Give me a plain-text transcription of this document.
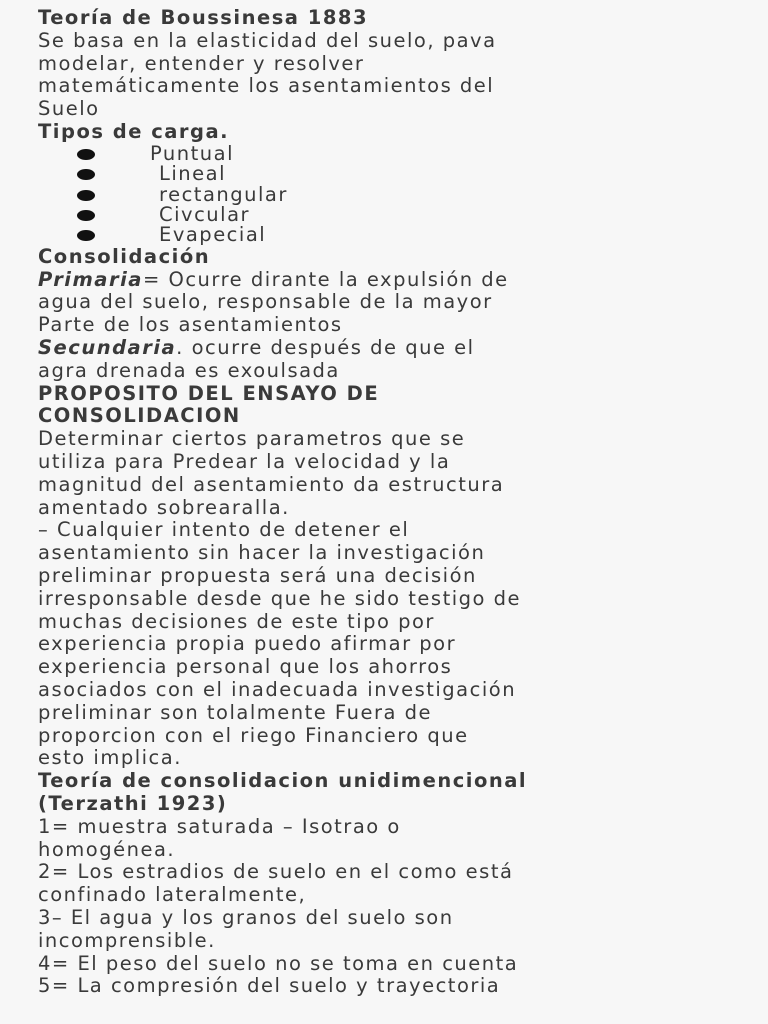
Teoría de Boussinesa 1883

Se basa en la elasticidad del suelo, pava

modelar, entender y resolver

matemáticamente los asentamientos del

Suelo

Tipos de carga.

Puntual
Lineal
rectangular
Civcular
Evapecial

Consolidación

Primaria= Ocurre dirante la expulsión de

agua del suelo, responsable de la mayor

Parte de los asentamientos

Secundaria. ocurre después de que el

agra drenada es exoulsada

PROPOSITO DEL ENSAYO DE

CONSOLIDACION

Determinar ciertos parametros que se

utiliza para Predear la velocidad y la

magnitud del asentamiento da estructura

amentado sobrearalla.

– Cualquier intento de detener el

asentamiento sin hacer la investigación

preliminar propuesta será una decisión

irresponsable desde que he sido testigo de

muchas decisiones de este tipo por

experiencia propia puedo afirmar por

experiencia personal que los ahorros

asociados con el inadecuada investigación

preliminar son tolalmente Fuera de

proporcion con el riego Financiero que

esto implica.

Teoría de consolidacion unidimencional

(Terzathi 1923)

1= muestra saturada – Isotrao o

homogénea.

2= Los estradios de suelo en el como está

confinado lateralmente,

3– El agua y los granos del suelo son

incomprensible.

4= El peso del suelo no se toma en cuenta

5= La compresión del suelo y trayectoria
